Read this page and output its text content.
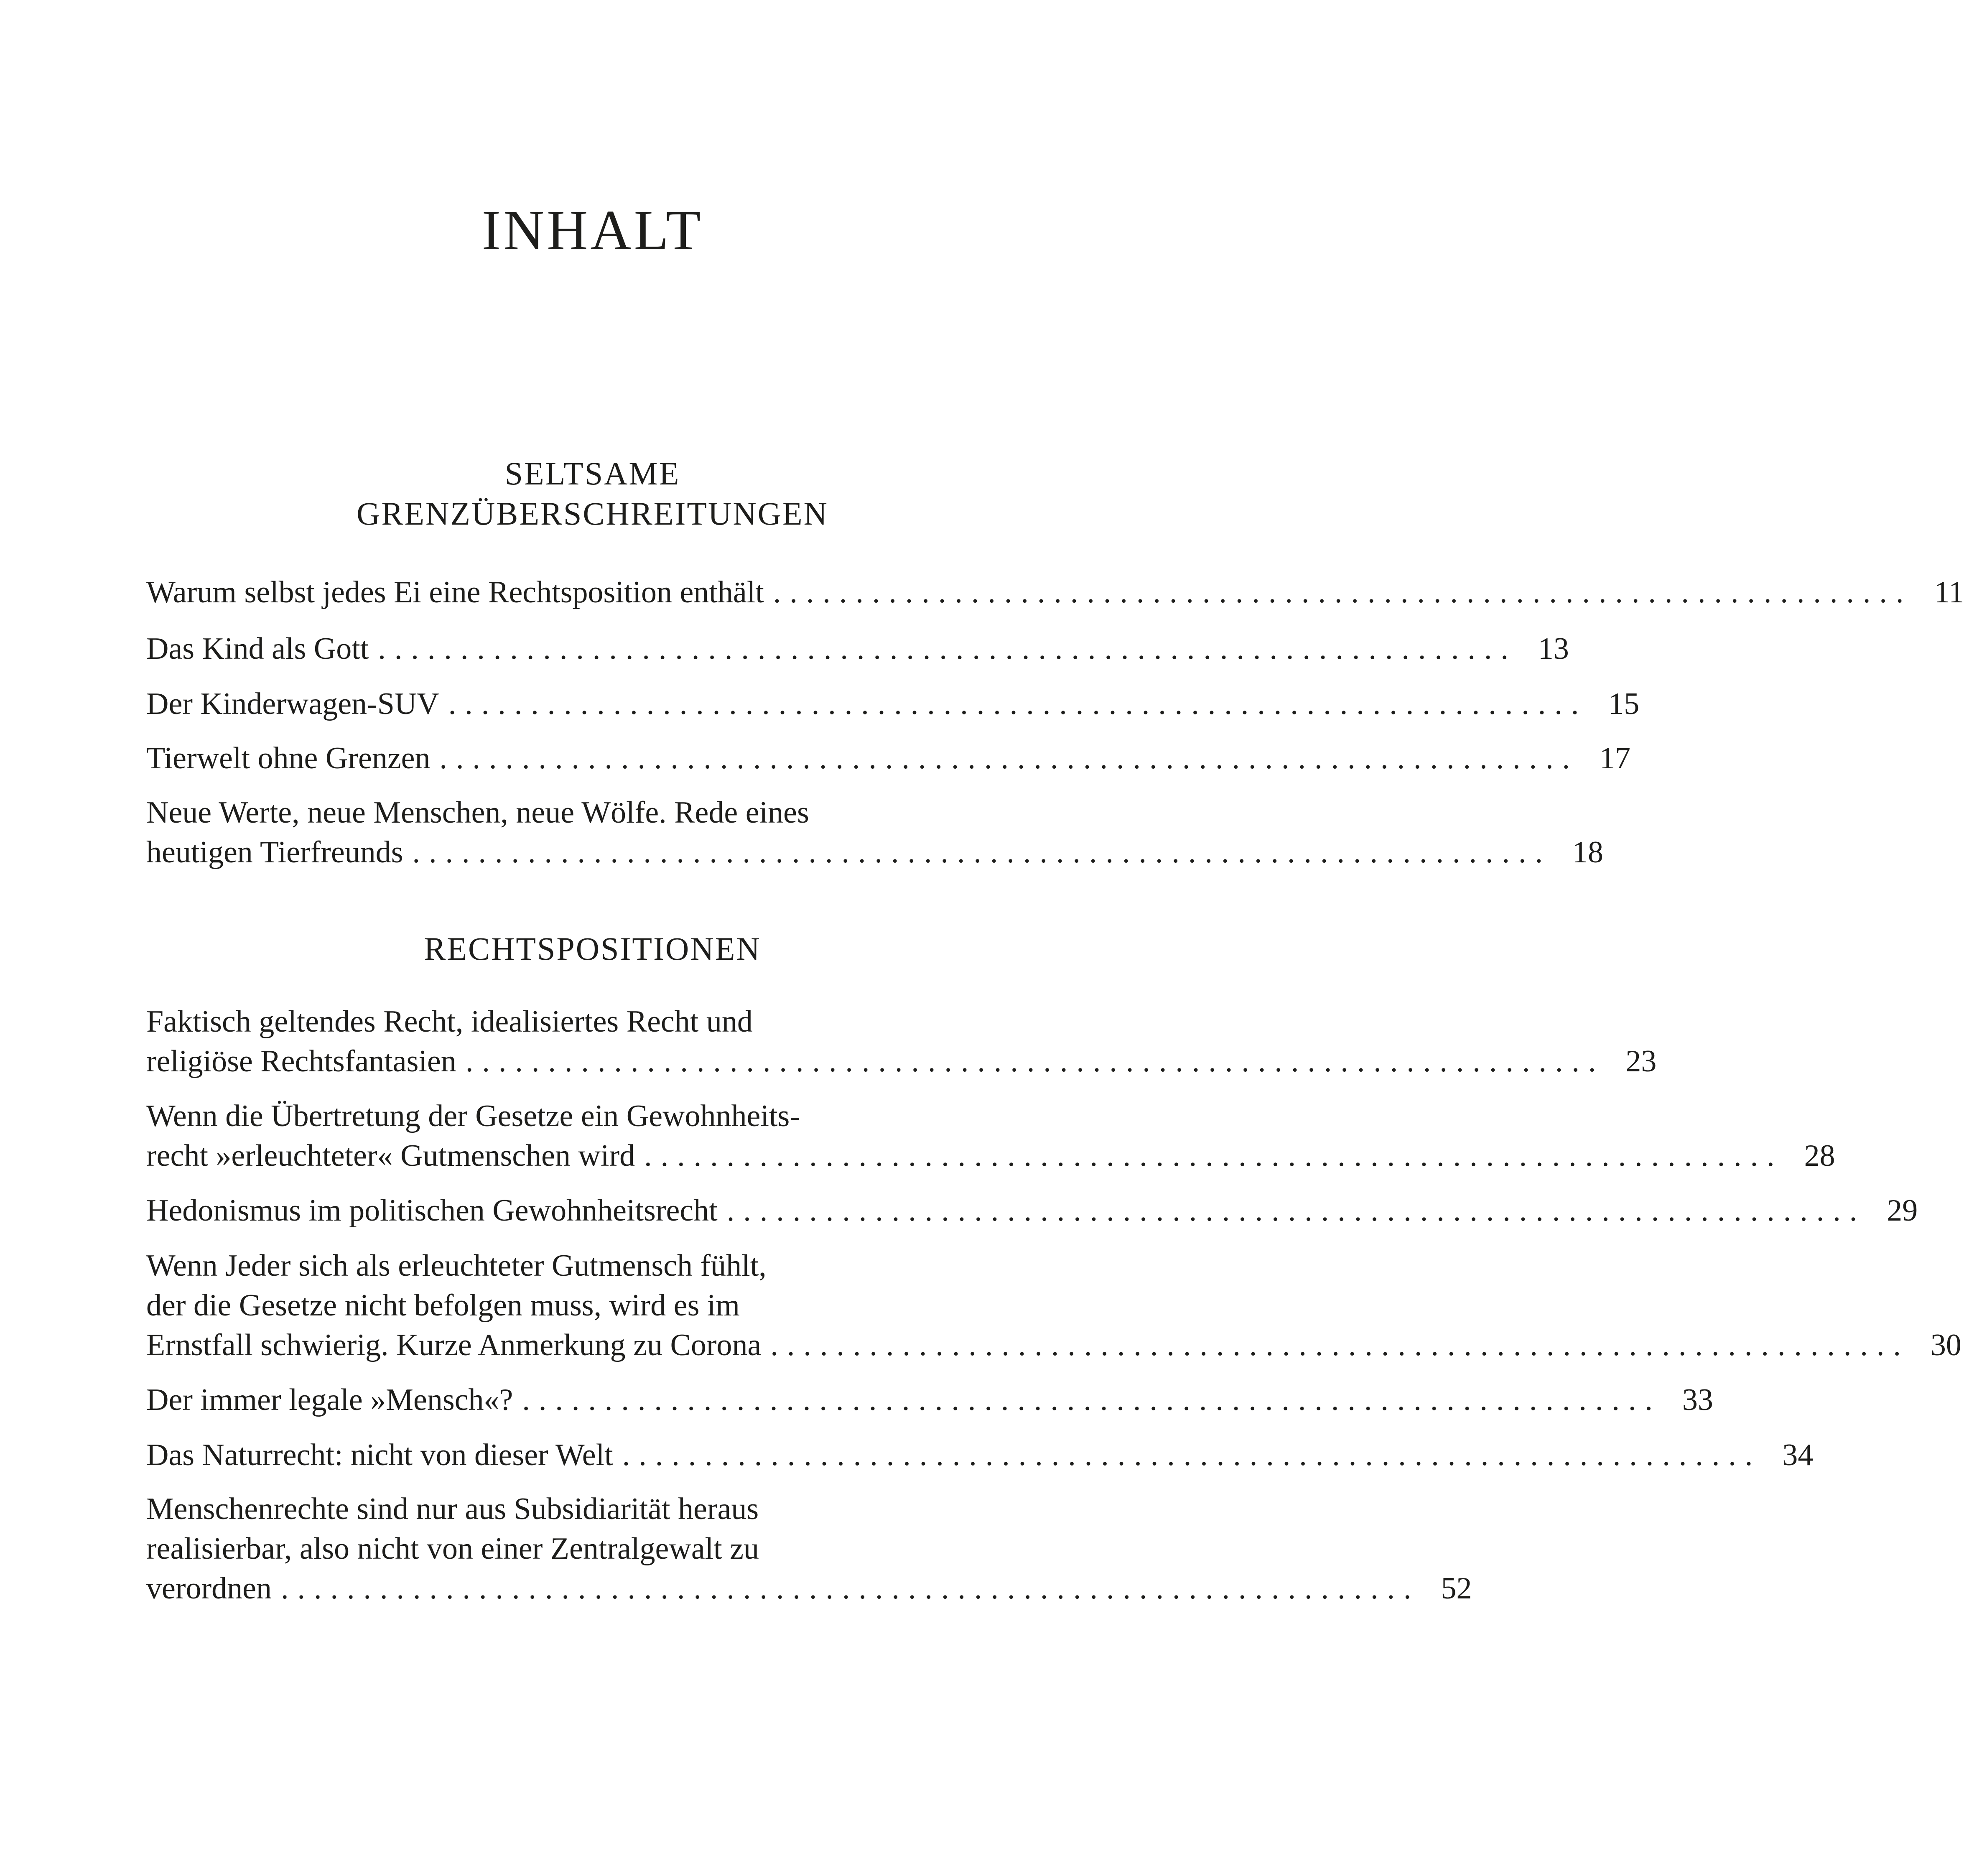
INHALT
SELTSAME
GRENZÜBERSCHREITUNGEN
Warum selbst jedes Ei eine Rechtsposition enthält ..................................................................... 11
Das Kind als Gott ..................................................................... 13
Der Kinderwagen-SUV ..................................................................... 15
Tierwelt ohne Grenzen ..................................................................... 17
Neue Werte, neue Menschen, neue Wölfe. Rede eines
heutigen Tierfreunds ..................................................................... 18
RECHTSPOSITIONEN
Faktisch geltendes Recht, idealisiertes Recht und
religiöse Rechtsfantasien ..................................................................... 23
Wenn die Übertretung der Gesetze ein Gewohnheits-
recht »erleuchteter« Gutmenschen wird ..................................................................... 28
Hedonismus im politischen Gewohnheitsrecht ..................................................................... 29
Wenn Jeder sich als erleuchteter Gutmensch fühlt,
der die Gesetze nicht befolgen muss, wird es im
Ernstfall schwierig. Kurze Anmerkung zu Corona ..................................................................... 30
Der immer legale »Mensch«? ..................................................................... 33
Das Naturrecht: nicht von dieser Welt ..................................................................... 34
Menschenrechte sind nur aus Subsidiarität heraus
realisierbar, also nicht von einer Zentralgewalt zu
verordnen ..................................................................... 52
